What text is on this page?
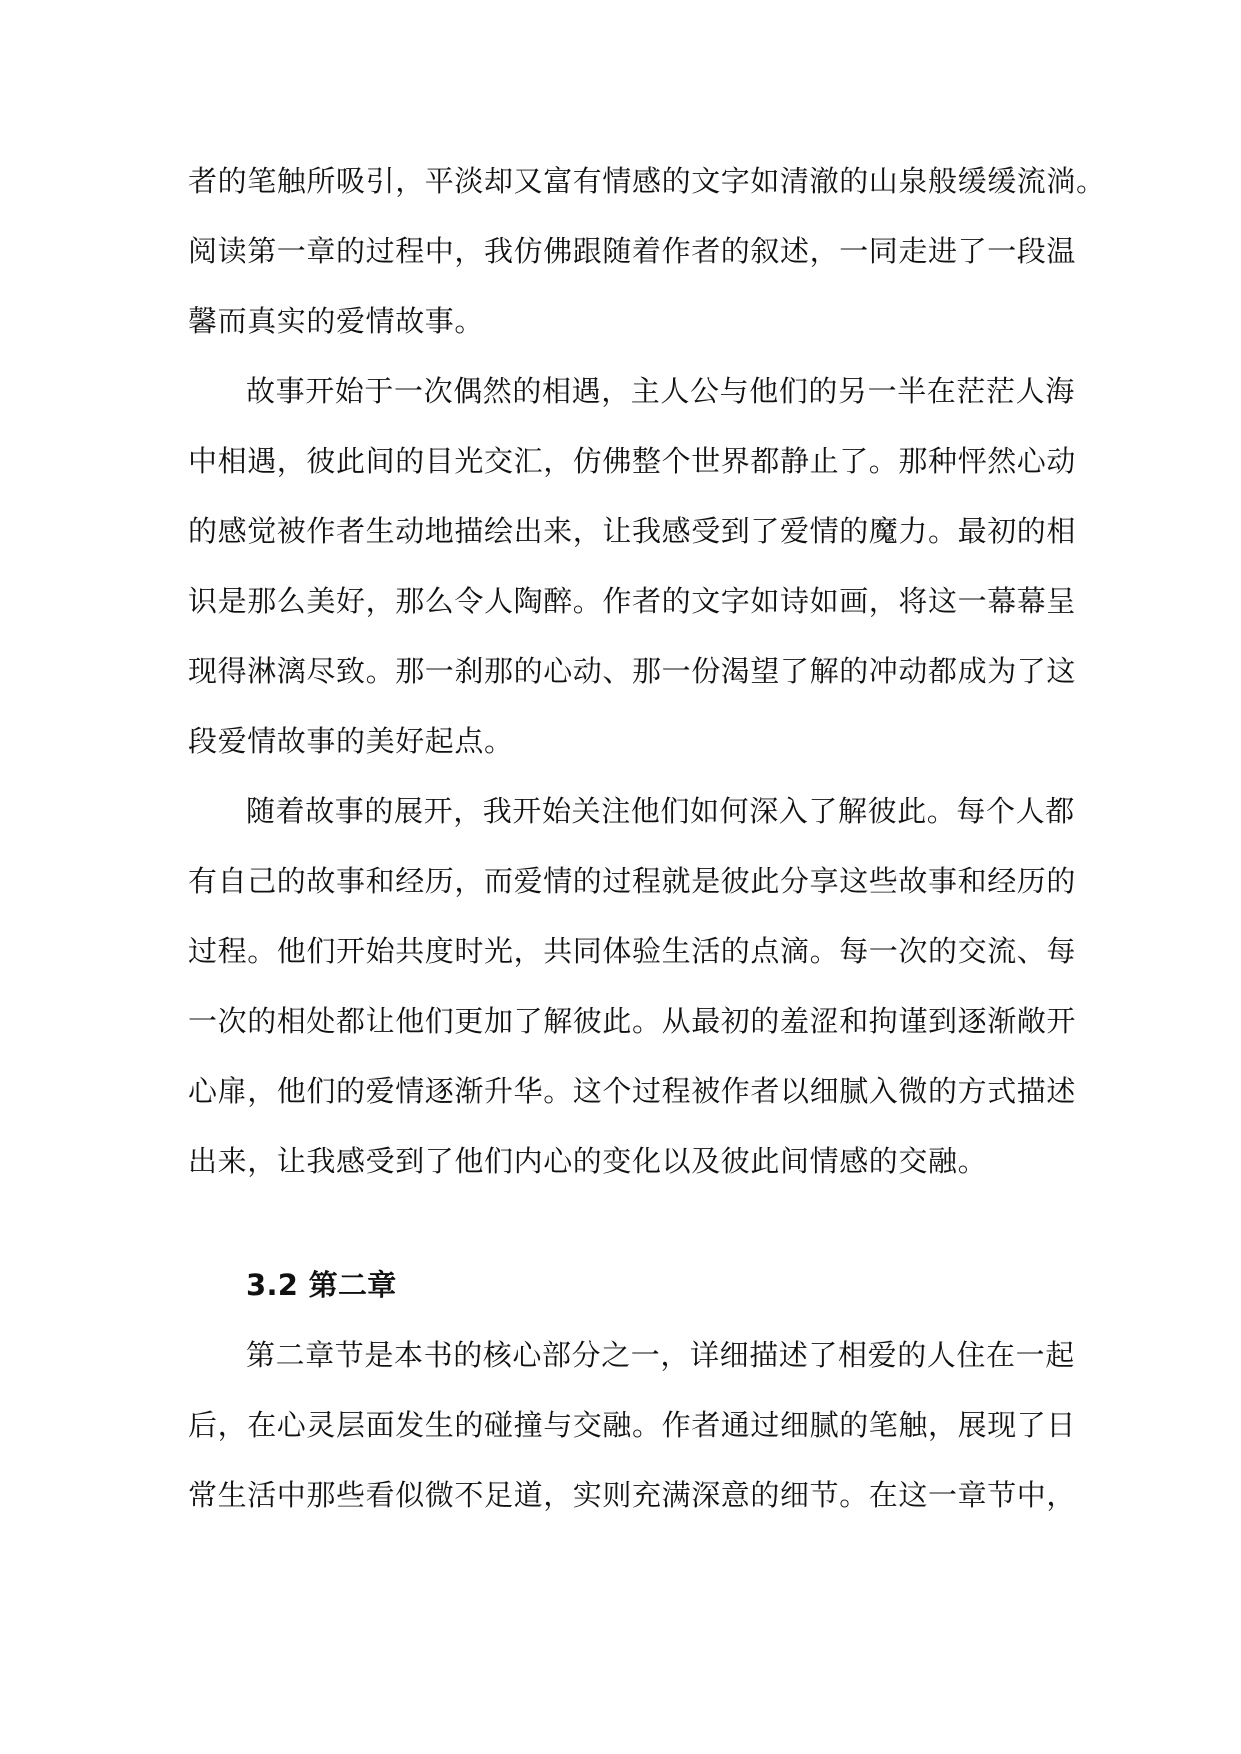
者的笔触所吸引，平淡却又富有情感的文字如清澈的山泉般缓缓流淌。
阅读第一章的过程中，我仿佛跟随着作者的叙述，一同走进了一段温
馨而真实的爱情故事。
故事开始于一次偶然的相遇，主人公与他们的另一半在茫茫人海
中相遇，彼此间的目光交汇，仿佛整个世界都静止了。那种怦然心动
的感觉被作者生动地描绘出来，让我感受到了爱情的魔力。最初的相
识是那么美好，那么令人陶醉。作者的文字如诗如画，将这一幕幕呈
现得淋漓尽致。那一刹那的心动、那一份渴望了解的冲动都成为了这
段爱情故事的美好起点。
随着故事的展开，我开始关注他们如何深入了解彼此。每个人都
有自己的故事和经历，而爱情的过程就是彼此分享这些故事和经历的
过程。他们开始共度时光，共同体验生活的点滴。每一次的交流、每
一次的相处都让他们更加了解彼此。从最初的羞涩和拘谨到逐渐敞开
心扉，他们的爱情逐渐升华。这个过程被作者以细腻入微的方式描述
出来，让我感受到了他们内心的变化以及彼此间情感的交融。
3.2 第二章
第二章节是本书的核心部分之一，详细描述了相爱的人住在一起
后，在心灵层面发生的碰撞与交融。作者通过细腻的笔触，展现了日
常生活中那些看似微不足道，实则充满深意的细节。在这一章节中，
